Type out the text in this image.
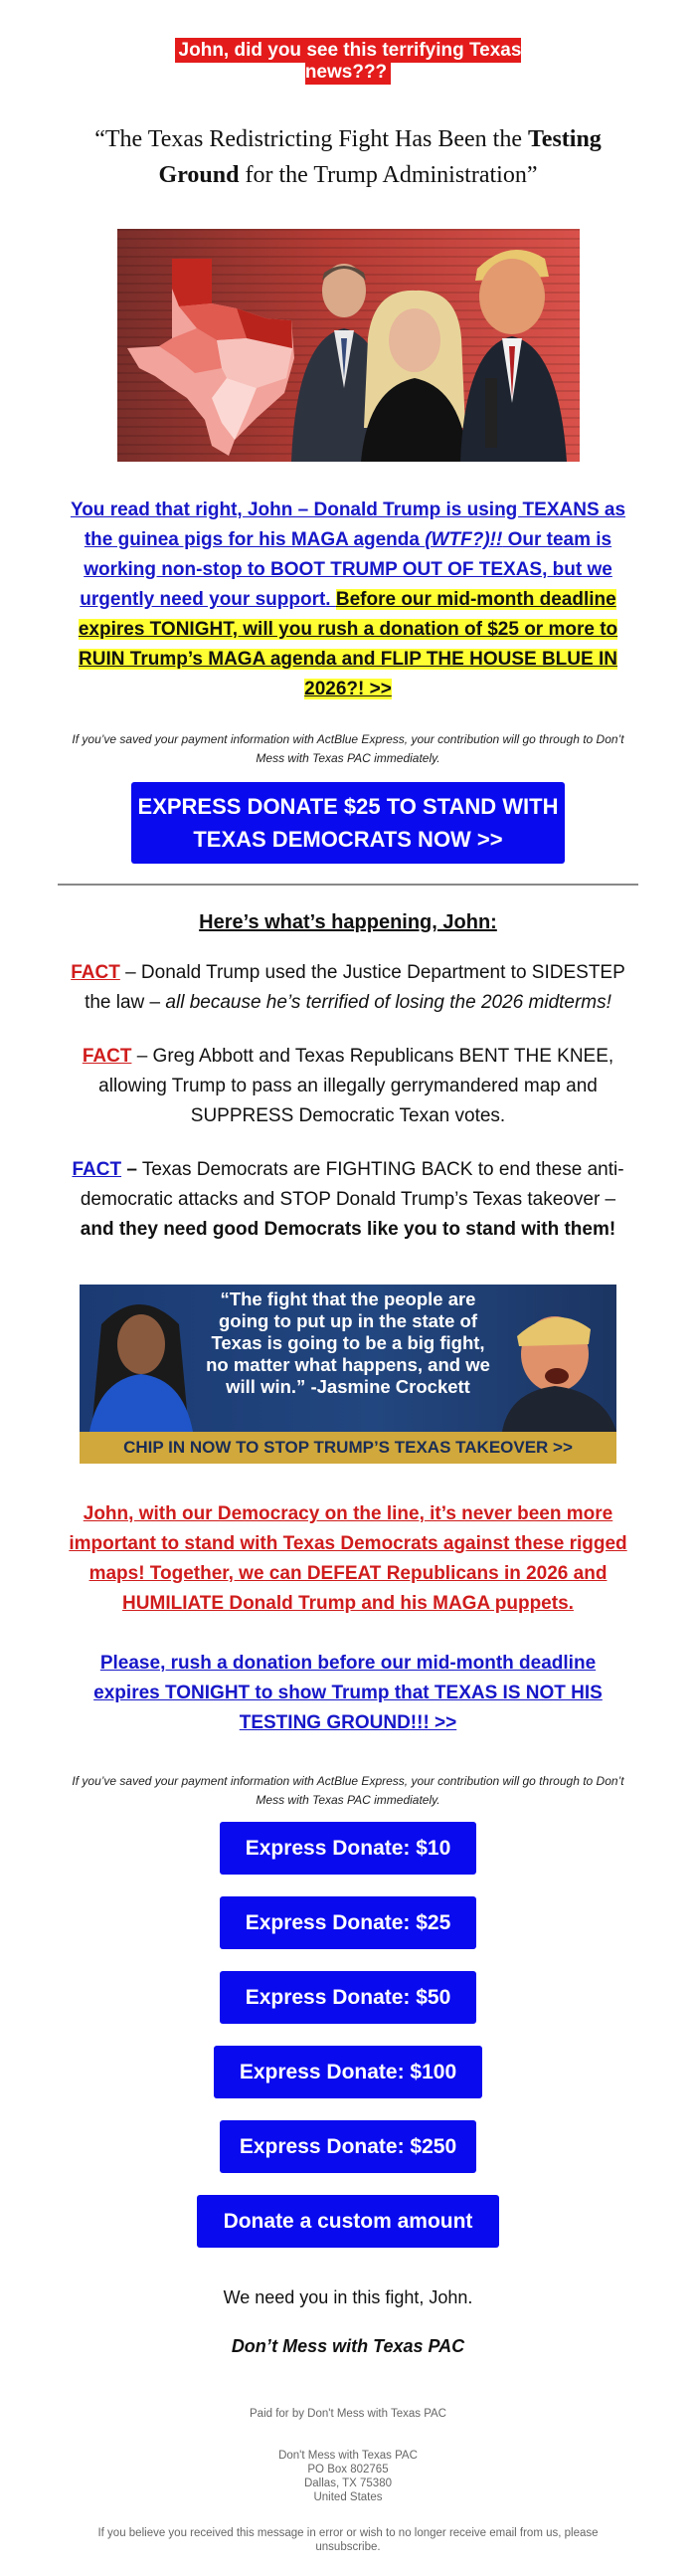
John, did you see this terrifying Texas news???
“The Texas Redistricting Fight Has Been the Testing Ground for the Trump Administration”
You read that right, John – Donald Trump is using TEXANS as the guinea pigs for his MAGA agenda (WTF?)!! Our team is working non-stop to BOOT TRUMP OUT OF TEXAS, but we urgently need your support. Before our mid-month deadline expires TONIGHT, will you rush a donation of $25 or more to RUIN Trump’s MAGA agenda and FLIP THE HOUSE BLUE IN 2026?! >>
If you’ve saved your payment information with ActBlue Express, your contribution will go through to Don’t Mess with Texas PAC immediately.
EXPRESS DONATE $25 TO STAND WITH TEXAS DEMOCRATS NOW >>
Here’s what’s happening, John:
FACT – Donald Trump used the Justice Department to SIDESTEP the law – all because he’s terrified of losing the 2026 midterms!
FACT – Greg Abbott and Texas Republicans BENT THE KNEE, allowing Trump to pass an illegally gerrymandered map and SUPPRESS Democratic Texan votes.
FACT – Texas Democrats are FIGHTING BACK to end these anti-democratic attacks and STOP Donald Trump’s Texas takeover – and they need good Democrats like you to stand with them!
“The fight that the people are going to put up in the state of Texas is going to be a big fight, no matter what happens, and we will win.” -Jasmine Crockett
CHIP IN NOW TO STOP TRUMP’S TEXAS TAKEOVER >>
John, with our Democracy on the line, it’s never been more important to stand with Texas Democrats against these rigged maps! Together, we can DEFEAT Republicans in 2026 and HUMILIATE Donald Trump and his MAGA puppets.
Please, rush a donation before our mid-month deadline expires TONIGHT to show Trump that TEXAS IS NOT HIS TESTING GROUND!!! >>
If you’ve saved your payment information with ActBlue Express, your contribution will go through to Don’t Mess with Texas PAC immediately.
Express Donate: $10
Express Donate: $25
Express Donate: $50
Express Donate: $100
Express Donate: $250
Donate a custom amount
We need you in this fight, John.
Don’t Mess with Texas PAC
Paid for by Don't Mess with Texas PAC
Don't Mess with Texas PAC
PO Box 802765
Dallas, TX 75380
United States
If you believe you received this message in error or wish to no longer receive email from us, please unsubscribe.
